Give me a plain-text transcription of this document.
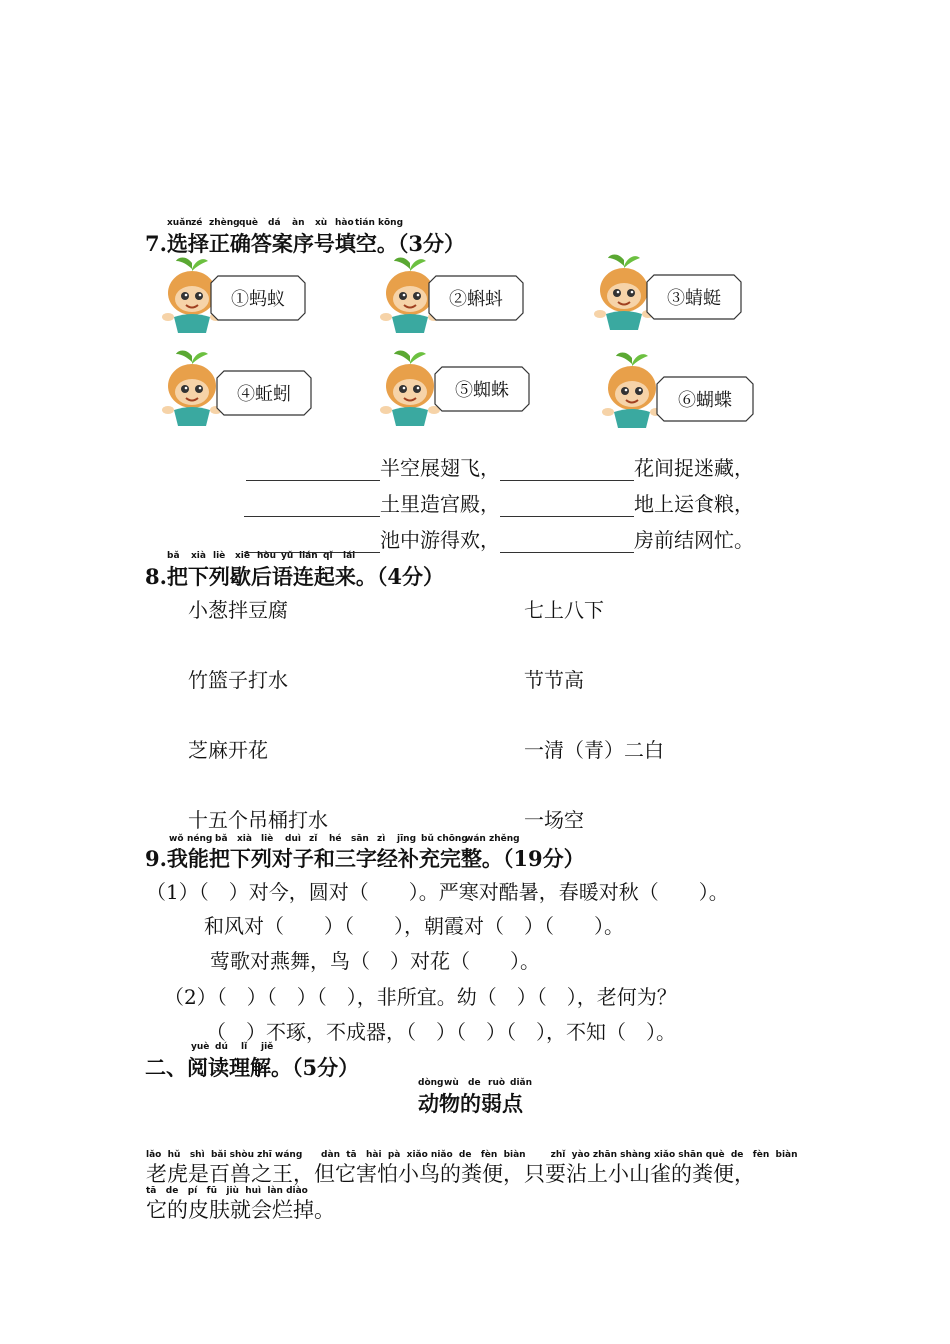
xuǎn zé zhèng què dá àn xù hào tián kōng
7.选择正确答案序号填空。（3分）
①蚂蚁	②蝌蚪	③蜻蜓
④蚯蚓	⑤蜘蛛	⑥蝴蝶
半空展翅飞，	花间捉迷藏，
土里造宫殿，	地上运食粮，
池中游得欢，	房前结网忙。
bǎ xià liè xiē hòu yǔ lián qǐ lái
8.把下列歇后语连起来。（4分）
小葱拌豆腐
竹篮子打水
芝麻开花
十五个吊桶打水
七上八下
节节高
一清（青）二白
一场空
wǒ néng bǎ xià liè duì zǐ hé sān zì jīng bǔ chōng
wán zhěng
9.我能把下列对子和三字经补充完整。（19分）
（1）（　）对今，圆对（　　）。严寒对酷暑，春暖对秋（　　）。
和风对（　　）（　　），朝霞对（　）（　　）。
莺歌对燕舞，鸟（　）对花（　　）。
（2）（　）（　）（　），非所宜。幼（　）（　），老何为？
（　）不琢，不成器，（　）（　）（　），不知（　）。
yuè dú lǐ jiě
二、阅读理解。（5分）
dòng wù de ruò diǎn
动物的弱点
lǎo  hǔ   shì  bǎi shòu zhī wáng      dàn  tā   hài  pà  xiǎo niǎo  de   fèn  biàn        zhǐ  yào zhān shàng xiǎo shān què  de   fèn  biàn
老虎是百兽之王，但它害怕小鸟的粪便，只要沾上小山雀的粪便，
tā   de   pí   fū   jiù  huì  làn diào
它的皮肤就会烂掉。
